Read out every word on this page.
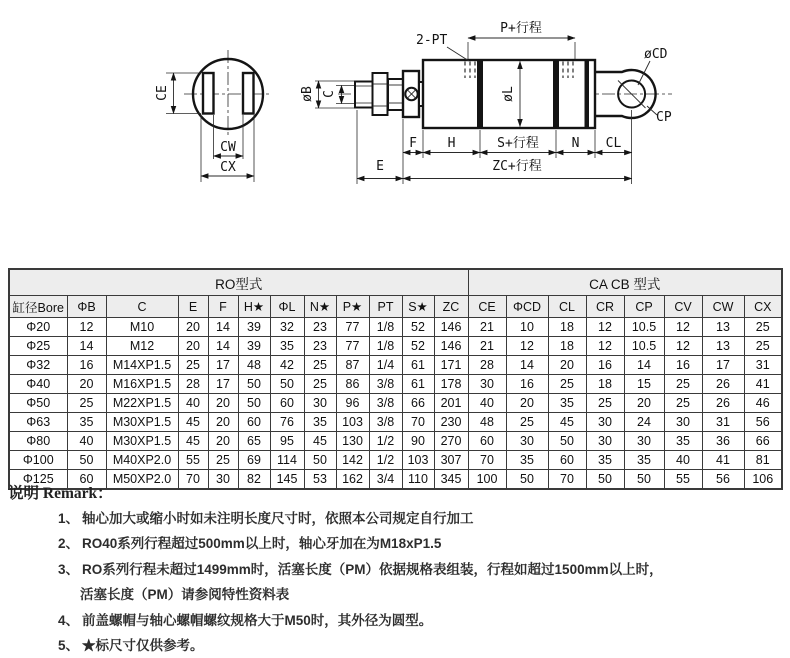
CE
CW
CX
øL
øB C
2-PT
P+行程
øCD
CP
F H	S+行程	N CL
E	ZC+行程
RO型式												CA CB 型式							
缸径Bore	ΦB	C	E	F	H★	ΦL	N★	P★	PT	S★	ZC	CE	ΦCD	CL	CR	CP	CV	CW	CX
Φ20	12	M10	20	14	39	32	23	77	1/8	52	146	21	10	18	12	10.5	12	13	25
Φ25	14	M12	20	14	39	35	23	77	1/8	52	146	21	12	18	12	10.5	12	13	25
Φ32	16	M14XP1.5	25	17	48	42	25	87	1/4	61	171	28	14	20	16	14	16	17	31
Φ40	20	M16XP1.5	28	17	50	50	25	86	3/8	61	178	30	16	25	18	15	25	26	41
Φ50	25	M22XP1.5	40	20	50	60	30	96	3/8	66	201	40	20	35	25	20	25	26	46
Φ63	35	M30XP1.5	45	20	60	76	35	103	3/8	70	230	48	25	45	30	24	30	31	56
Φ80	40	M30XP1.5	45	20	65	95	45	130	1/2	90	270	60	30	50	30	30	35	36	66
Φ100	50	M40XP2.0	55	25	69	114	50	142	1/2	103	307	70	35	60	35	35	40	41	81
Φ125	60	M50XP2.0	70	30	82	145	53	162	3/4	110	345	100	50	70	50	50	55	56	106
说明 Remark：
1、 轴心加大或缩小时如未注明长度尺寸时，依照本公司规定自行加工
2、 RO40系列行程超过500mm以上时，轴心牙加在为M18xP1.5
3、 RO系列行程未超过1499mm时，活塞长度（PM）依据规格表组装，行程如超过1500mm以上时，
活塞长度（PM）请参阅特性资料表
4、 前盖螺帽与轴心螺帽螺纹规格大于M50时，其外径为圆型。
5、 ★标尺寸仅供参考。
